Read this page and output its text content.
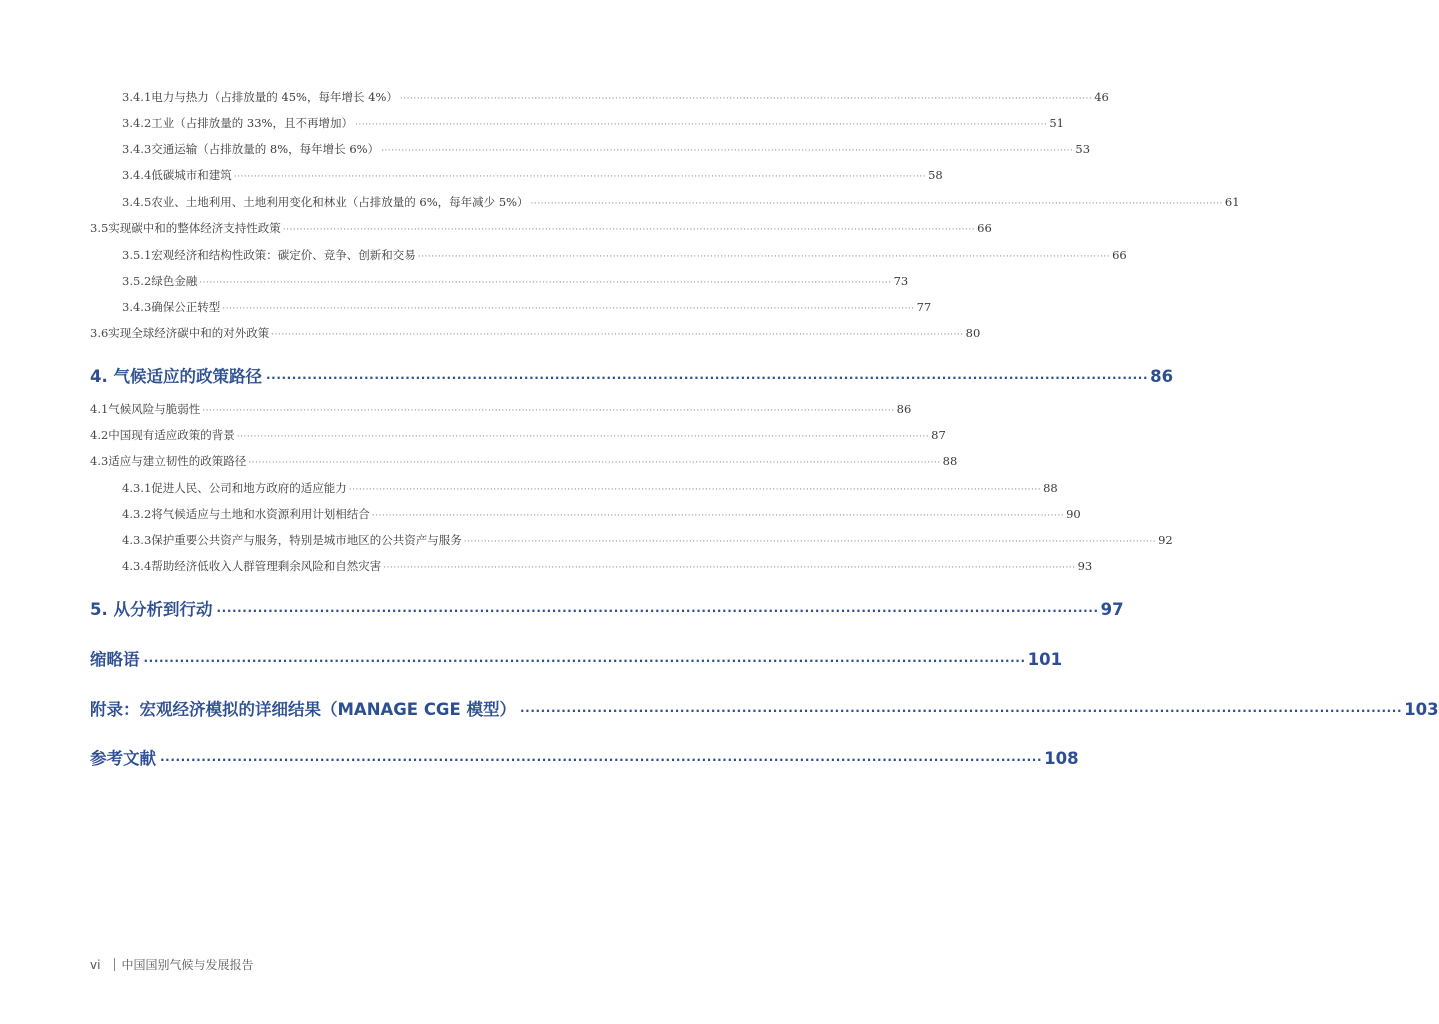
3.4.1 电力与热力（占排放量的 45%，每年增长 4%） ·············································································································································································································· 46
3.4.2 工业（占排放量的 33%，且不再增加） ·············································································································································································································· 51
3.4.3 交通运输（占排放量的 8%，每年增长 6%） ·············································································································································································································· 53
3.4.4 低碳城市和建筑 ·············································································································································································································· 58
3.4.5 农业、土地利用、土地利用变化和林业（占排放量的 6%，每年减少 5%） ·············································································································································································································· 61
3.5 实现碳中和的整体经济支持性政策 ·············································································································································································································· 66
3.5.1 宏观经济和结构性政策：碳定价、竞争、创新和交易 ·············································································································································································································· 66
3.5.2 绿色金融 ·············································································································································································································· 73
3.4.3 确保公正转型 ·············································································································································································································· 77
3.6 实现全球经济碳中和的对外政策 ·············································································································································································································· 80
4. 气候适应的政策路径 ··········································································································································································· 86
4.1 气候风险与脆弱性 ·············································································································································································································· 86
4.2 中国现有适应政策的背景 ·············································································································································································································· 87
4.3 适应与建立韧性的政策路径 ·············································································································································································································· 88
4.3.1 促进人民、公司和地方政府的适应能力 ·············································································································································································································· 88
4.3.2 将气候适应与土地和水资源利用计划相结合 ·············································································································································································································· 90
4.3.3 保护重要公共资产与服务，特别是城市地区的公共资产与服务 ·············································································································································································································· 92
4.3.4 帮助经济低收入人群管理剩余风险和自然灾害 ·············································································································································································································· 93
5. 从分析到行动 ··········································································································································································· 97
缩略语 ··········································································································································································· 101
附录：宏观经济模拟的详细结果（MANAGE CGE 模型） ··········································································································································································· 103
参考文献 ··········································································································································································· 108
vi 中国国别气候与发展报告
